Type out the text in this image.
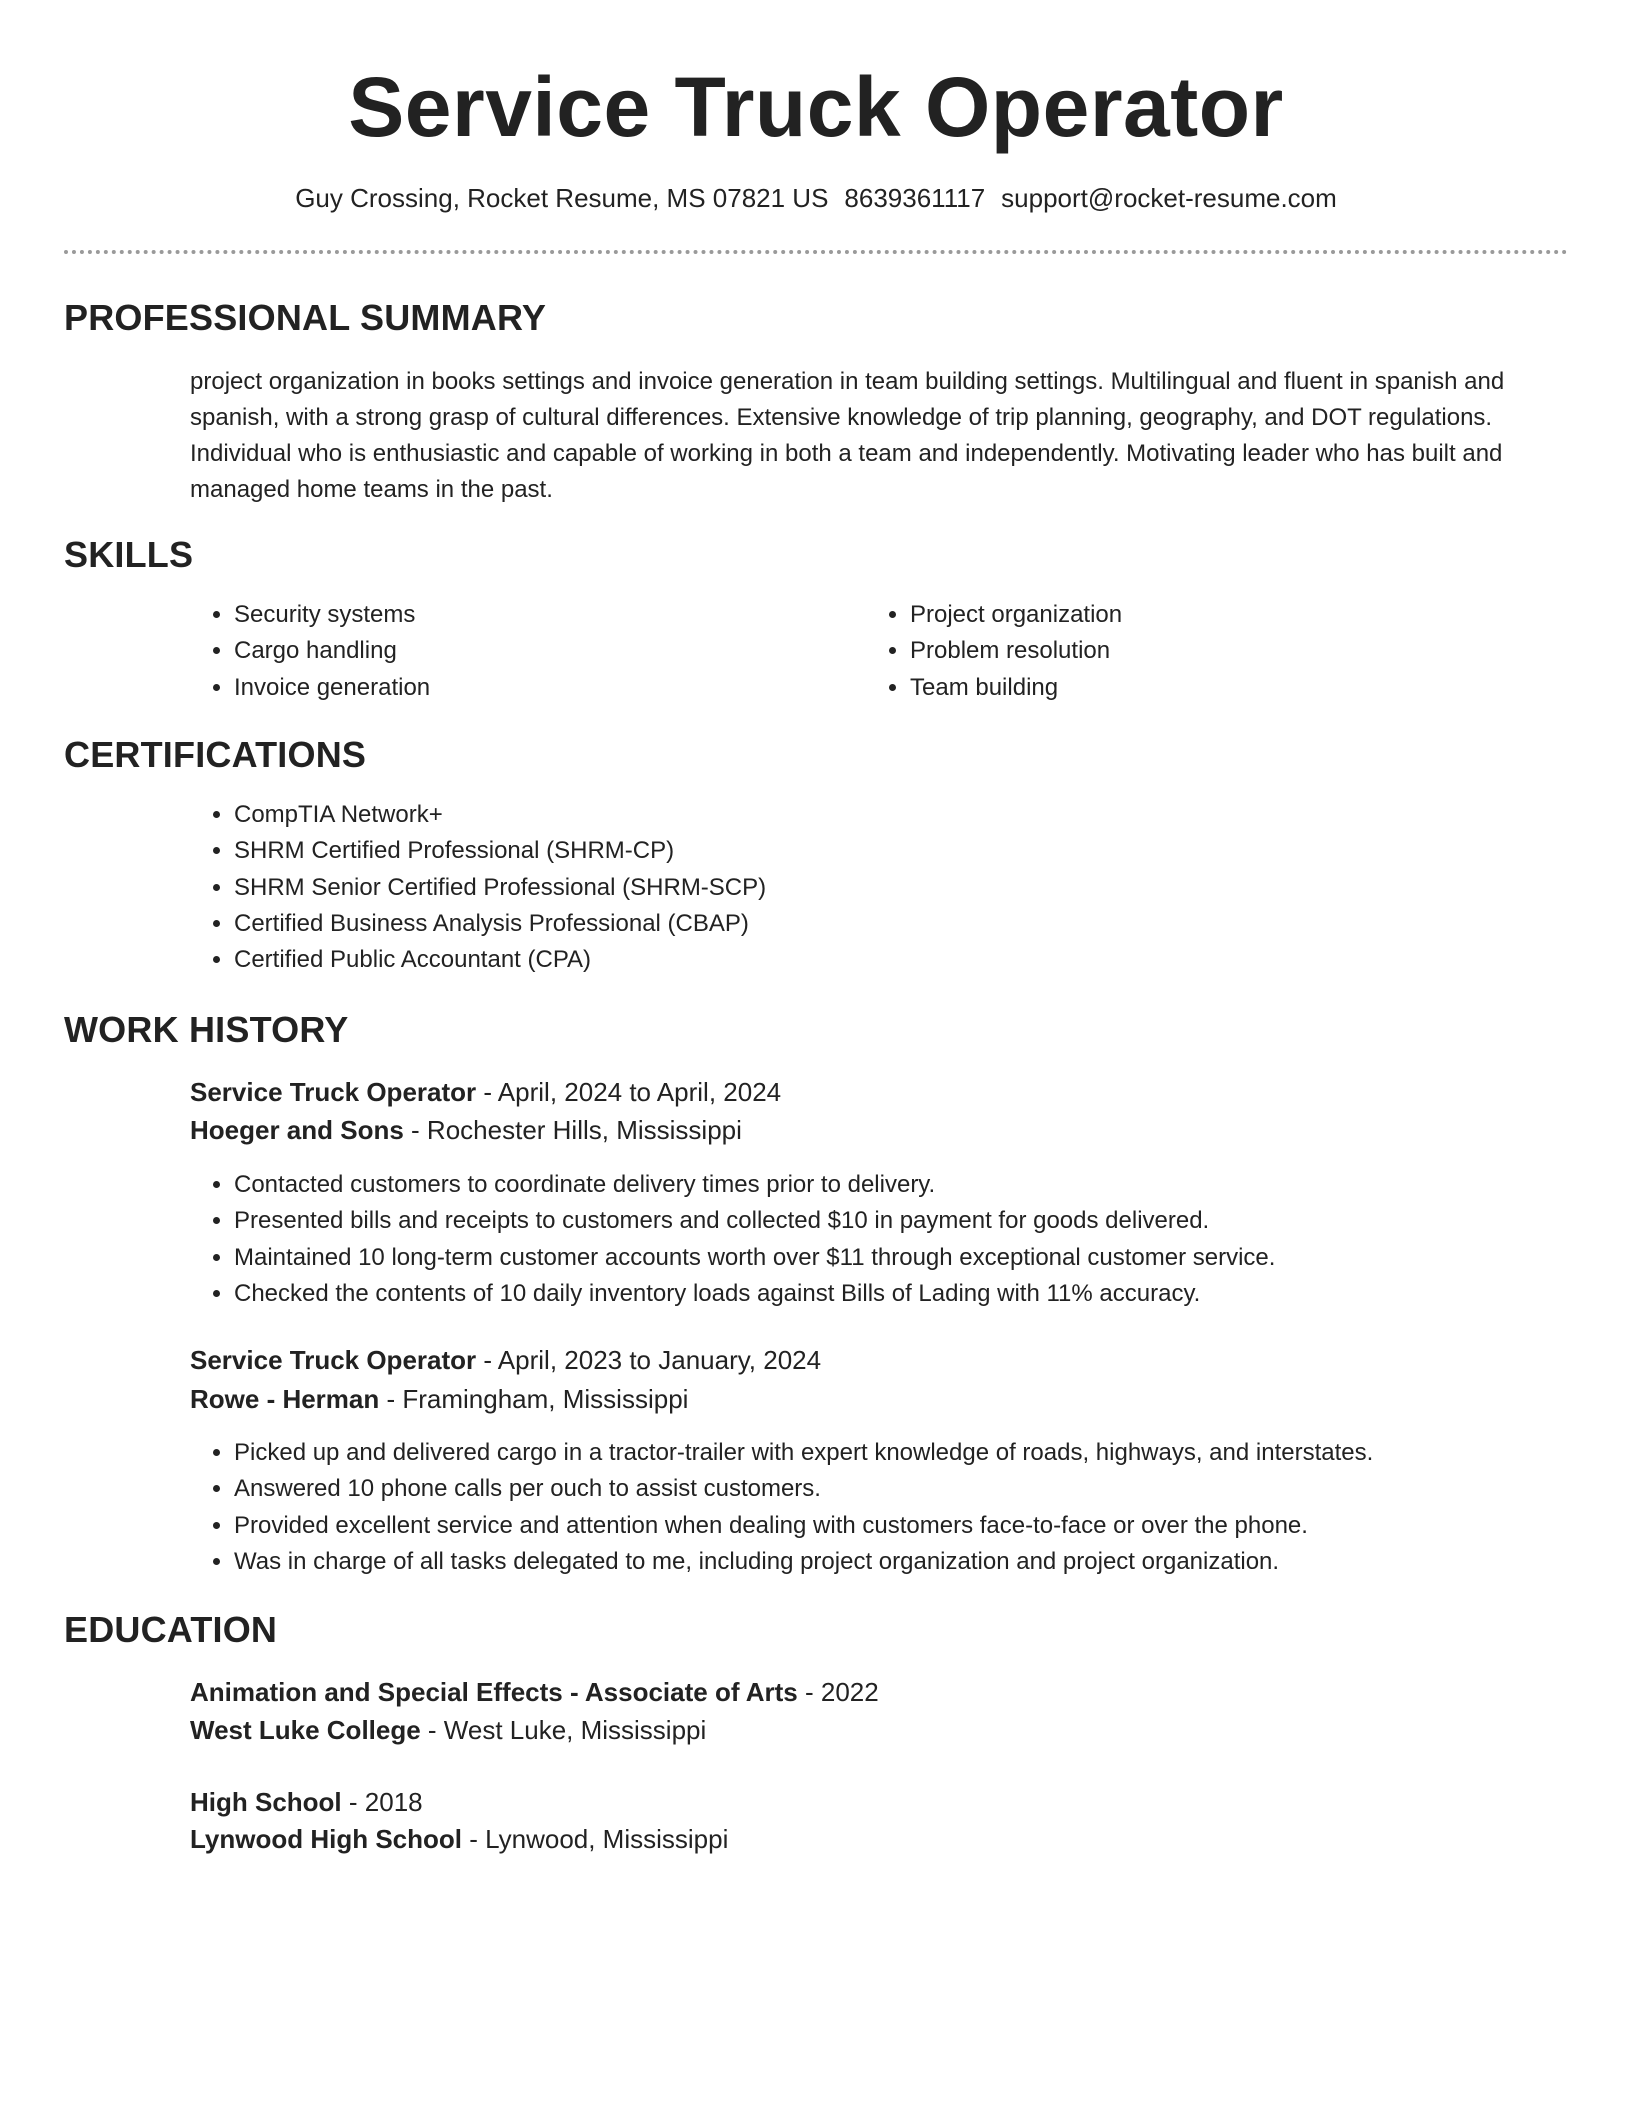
Service Truck Operator
Guy Crossing, Rocket Resume, MS 07821 US 8639361117 support@rocket-resume.com
PROFESSIONAL SUMMARY

project organization in books settings and invoice generation in team building settings. Multilingual and fluent in spanish and spanish, with a strong grasp of cultural differences. Extensive knowledge of trip planning, geography, and DOT regulations. Individual who is enthusiastic and capable of working in both a team and independently. Motivating leader who has built and managed home teams in the past.

SKILLS
• Security systems
• Cargo handling
• Invoice generation
• Project organization
• Problem resolution
• Team building
CERTIFICATIONS
• CompTIA Network+
• SHRM Certified Professional (SHRM-CP)
• SHRM Senior Certified Professional (SHRM-SCP)
• Certified Business Analysis Professional (CBAP)
• Certified Public Accountant (CPA)
WORK HISTORY
Service Truck Operator - April, 2024 to April, 2024
Hoeger and Sons - Rochester Hills, Mississippi
• Contacted customers to coordinate delivery times prior to delivery.
• Presented bills and receipts to customers and collected $10 in payment for goods delivered.
• Maintained 10 long-term customer accounts worth over $11 through exceptional customer service.
• Checked the contents of 10 daily inventory loads against Bills of Lading with 11% accuracy.
Service Truck Operator - April, 2023 to January, 2024
Rowe - Herman - Framingham, Mississippi
• Picked up and delivered cargo in a tractor-trailer with expert knowledge of roads, highways, and interstates.
• Answered 10 phone calls per ouch to assist customers.
• Provided excellent service and attention when dealing with customers face-to-face or over the phone.
• Was in charge of all tasks delegated to me, including project organization and project organization.
EDUCATION
Animation and Special Effects - Associate of Arts - 2022
West Luke College - West Luke, Mississippi
High School - 2018
Lynwood High School - Lynwood, Mississippi
